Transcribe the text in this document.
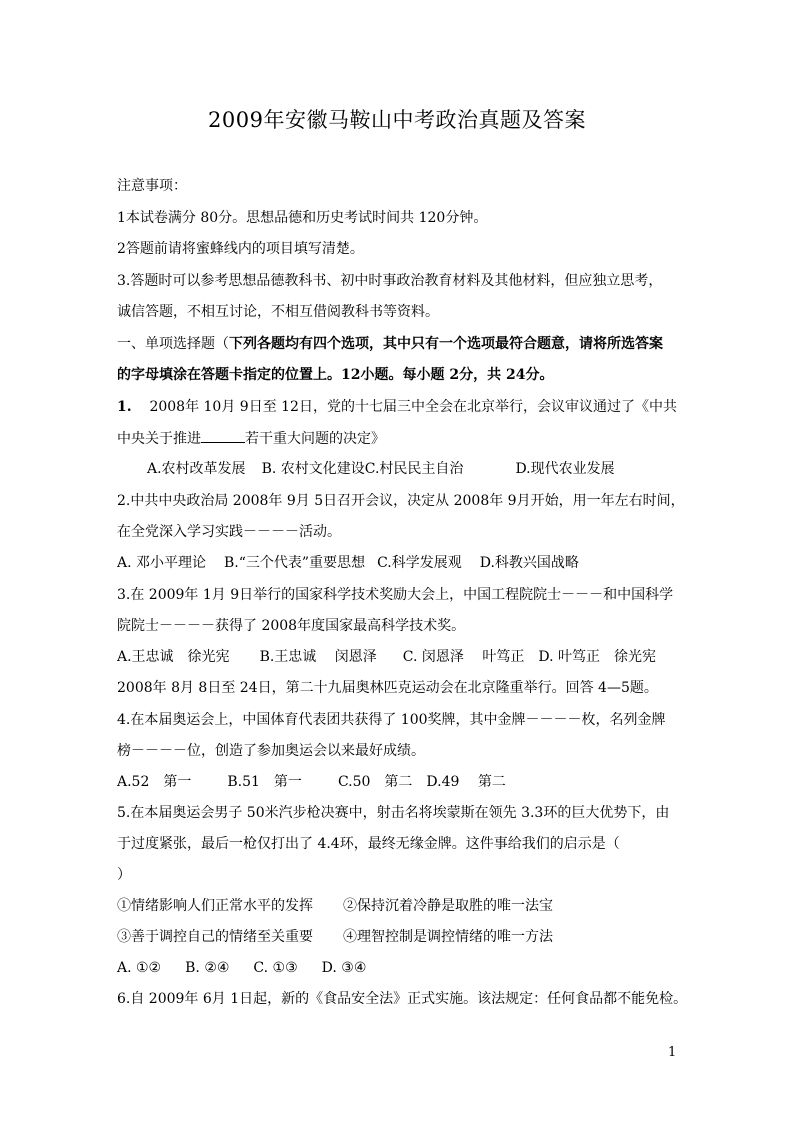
2009年安徽马鞍山中考政治真题及答案
注意事项：
1本试卷满分 80分。思想品德和历史考试时间共 120分钟。
2答题前请将蜜蜂线内的项目填写清楚。
3.答题时可以参考思想品德教科书、初中时事政治教育材料及其他材料，但应独立思考，
诚信答题，不相互讨论，不相互借阅教科书等资料。
一、单项选择题（下列各题均有四个选项，其中只有一个选项最符合题意，请将所选答案
的字母填涂在答题卡指定的位置上。12小题。每小题 2分，共 24分。
1. 2008年 10月 9日至 12日，党的十七届三中全会在北京举行，会议审议通过了《中共
中央关于推进	若干重大问题的决定》
A.农村改革发展 B. 农村文化建设C.村民民主自治	D.现代农业发展
2.中共中央政治局 2008年 9月 5日召开会议，决定从 2008年 9月开始，用一年左右时间，
在全党深入学习实践－－－－活动。
A. 邓小平理论 B.“三个代表”重要思想 C.科学发展观 D.科教兴国战略
3.在 2009年 1月 9日举行的国家科学技术奖励大会上，中国工程院院士－－－和中国科学
院院士－－－－获得了 2008年度国家最高科学技术奖。
A.王忠诚　徐光宪 B.王忠诚　 闵恩泽 C. 闵恩泽　 叶笃正 D. 叶笃正　徐光宪
2008年 8月 8日至 24日，第二十九届奥林匹克运动会在北京隆重举行。回答 4—5题。
4.在本届奥运会上，中国体育代表团共获得了 100奖牌，其中金牌－－－－枚，名列金牌
榜－－－－位，创造了参加奥运会以来最好成绩。
A.52　第一	B.51　第一	C.50　第二 D.49　 第二
5.在本届奥运会男子 50米汽步枪决赛中，射击名将埃蒙斯在领先 3.3环的巨大优势下，由
于过度紧张，最后一枪仅打出了 4.4环，最终无缘金牌。这件事给我们的启示是（
）
①情绪影响人们正常水平的发挥 ②保持沉着冷静是取胜的唯一法宝
③善于调控自己的情绪至关重要 ④理智控制是调控情绪的唯一方法
A. ①② B. ②④ C. ①③ D. ③④
6.自 2009年 6月 1日起，新的《食品安全法》正式实施。该法规定：任何食品都不能免检。
1
